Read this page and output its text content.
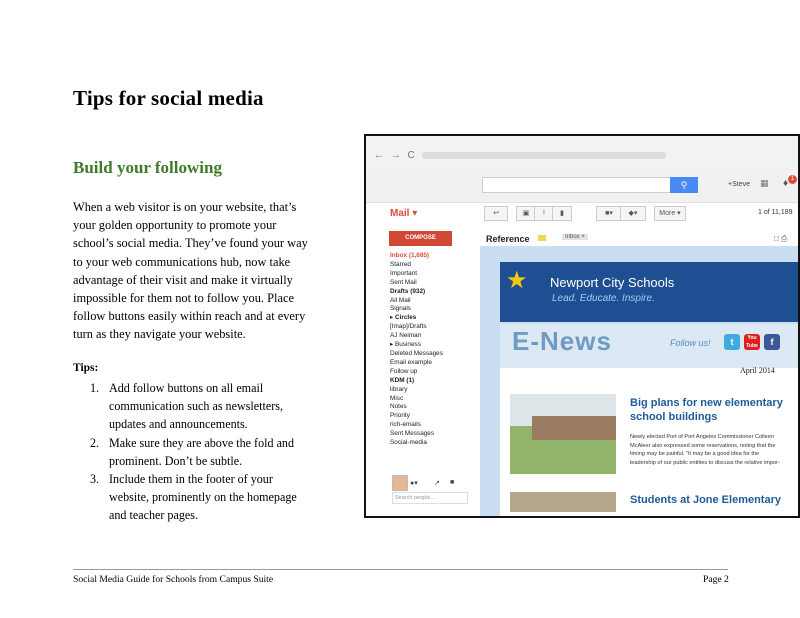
Tips for social media
Build your following
When a web visitor is on your website, that’s
your golden opportunity to promote your
school’s social media. They’ve found your way
to your web communications hub, now take
advantage of their visit and make it virtually
impossible for them not to follow you. Place
follow buttons easily within reach and at every
turn as they navigate your website.
Tips:
1. Add follow buttons on all email
communication such as newsletters,
updates and announcements.
2. Make sure they are above the fold and
prominent. Don’t be subtle.
3. Include them in the footer of your
website, prominently on the homepage
and teacher pages.
Social Media Guide for Schools from Campus Suite	Page 2
← → C
⚲	+Steve ▦ ♦ 1
Mail ▾	↩	▣	!	▮	■▾	◆▾	More ▾	1 of 11,189
COMPOSE
Inbox (1,685)
Starred
Important
Sent Mail
Drafts (932)
All Mail
Signals
▸ Circles
[Imap]/Drafts
AJ Neiman
▸ Business
Deleted Messages
Email example
Follow up
KDM (1)
library
Misc
Notes
Priority
rich-emails
Sent Messages
Social-media
●▾ ↗ ■
Search people...
Reference	Inbox ×	□ ⎙
★ Newport City Schools
Lead. Educate. Inspire.
E-News	Follow us!	t	You Tube	f
April 2014
Big plans for new elementary school buildings
Newly elected Port of Port Angeles Commissioner Colleen McAleer also expressed some reservations, noting that the timing may be painful. "It may be a good idea for the leadership of our public entities to discuss the relative impor-
Students at Jone Elementary
